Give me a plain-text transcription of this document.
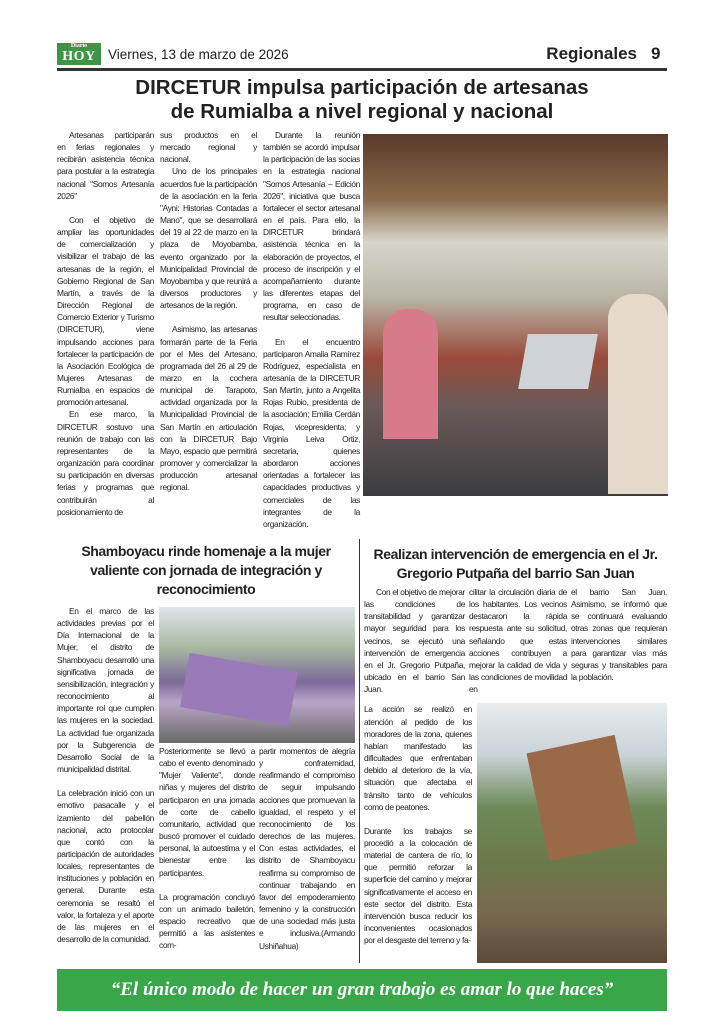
Diario
HOY Viernes, 13 de marzo de 2026	Regionales 9
DIRCETUR impulsa participación de artesanas
de Rumialba a nivel regional y nacional

Artesanas participarán en ferias regionales y recibirán asistencia técnica para postular a la estrategia nacional "Somos Artesanía 2026"

Con el objetivo de ampliar las oportunidades de comercialización y visibilizar el trabajo de las artesanas de la región, el Gobierno Regional de San Martín, a través de la Dirección Regional de Comercio Exterior y Turismo (DIRCETUR), viene impulsando acciones para fortalecer la participación de la Asociación Ecológica de Mujeres Artesanas de Rumialba en espacios de promoción artesanal.

En ese marco, la DIRCETUR sostuvo una reunión de trabajo con las representantes de la organización para coordinar su participación en diversas ferias y programas que contribuirán al posicionamiento de

sus productos en el mercado regional y nacional.

Uno de los principales acuerdos fue la participación de la asociación en la feria "Ayni: Historias Contadas a Mano", que se desarrollará del 19 al 22 de marzo en la plaza de Moyobamba, evento organizado por la Municipalidad Provincial de Moyobamba y que reunirá a diversos productores y artesanos de la región.

Asimismo, las artesanas formarán parte de la Feria por el Mes del Artesano, programada del 26 al 29 de marzo en la cochera municipal de Tarapoto, actividad organizada por la Municipalidad Provincial de San Martín en articulación con la DIRCETUR Bajo Mayo, espacio que permitirá promover y comercializar la producción artesanal regional.

Durante la reunión también se acordó impulsar la participación de las socias en la estrategia nacional "Somos Artesanía – Edición 2026", iniciativa que busca fortalecer el sector artesanal en el país. Para ello, la DIRCETUR brindará asistencia técnica en la elaboración de proyectos, el proceso de inscripción y el acompañamiento durante las diferentes etapas del programa, en caso de resultar seleccionadas.

En el encuentro participaron Amalia Ramírez Rodríguez, especialista en artesanía de la DIRCETUR San Martín, junto a Angelita Rojas Rubio, presidenta de la asociación; Emilia Cerdán Rojas, vicepresidenta; y Virginia Leiva Ortiz, secretaria, quienes abordaron acciones orientadas a fortalecer las capacidades productivas y comerciales de las integrantes de la organización.

Shamboyacu rinde homenaje a la mujer valiente con jornada de integración y reconocimiento

En el marco de las actividades previas por el Día Internacional de la Mujer, el distrito de Shamboyacu desarrolló una significativa jornada de sensibilización, integración y reconocimiento al importante rol que cumplen las mujeres en la sociedad. La actividad fue organizada por la Subgerencia de Desarrollo Social de la municipalidad distrital.

La celebración inició con un emotivo pasacalle y el izamiento del pabellón nacional, acto protocolar que contó con la participación de autoridades locales, representantes de instituciones y población en general. Durante esta ceremonia se resaltó el valor, la fortaleza y el aporte de las mujeres en el desarrollo de la comunidad.

Posteriormente se llevó a cabo el evento denominado "Mujer Valiente", donde niñas y mujeres del distrito participaron en una jornada de corte de cabello comunitario, actividad que buscó promover el cuidado personal, la autoestima y el bienestar entre las participantes.

La programación concluyó con un animado bailetón, espacio recreativo que permitió a las asistentes com-

partir momentos de alegría y confraternidad, reafirmando el compromiso de seguir impulsando acciones que promuevan la igualdad, el respeto y el reconocimiento de los derechos de las mujeres. Con estas actividades, el distrito de Shamboyacu reafirma su compromiso de continuar trabajando en favor del empoderamiento femenino y la construcción de una sociedad más justa e inclusiva.(Armando Ushiñahua)

Realizan intervención de emergencia en el Jr. Gregorio Putpaña del barrio San Juan

Con el objetivo de mejorar las condiciones de transitabilidad y garantizar mayor seguridad para los vecinos, se ejecutó una intervención de emergencia en el Jr. Gregorio Putpaña, ubicado en el barrio San Juan.

cilitar la circulación diaria de los habitantes. Los vecinos destacaron la rápida respuesta ante su solicitud, señalando que estas acciones contribuyen a mejorar la calidad de vida y las condiciones de movilidad en

el barrio San Juan. Asimismo, se informó que se continuará evaluando otras zonas que requieran intervenciones similares para garantizar vías más seguras y transitables para la población.

La acción se realizó en atención al pedido de los moradores de la zona, quienes habían manifestado las dificultades que enfrentaban debido al deterioro de la vía, situación que afectaba el tránsito tanto de vehículos como de peatones.

Durante los trabajos se procedió a la colocación de material de cantera de río, lo que permitió reforzar la superficie del camino y mejorar significativamente el acceso en este sector del distrito. Esta intervención busca reducir los inconvenientes ocasionados por el desgaste del terreno y fa-

“El único modo de hacer un gran trabajo es amar lo que haces”
